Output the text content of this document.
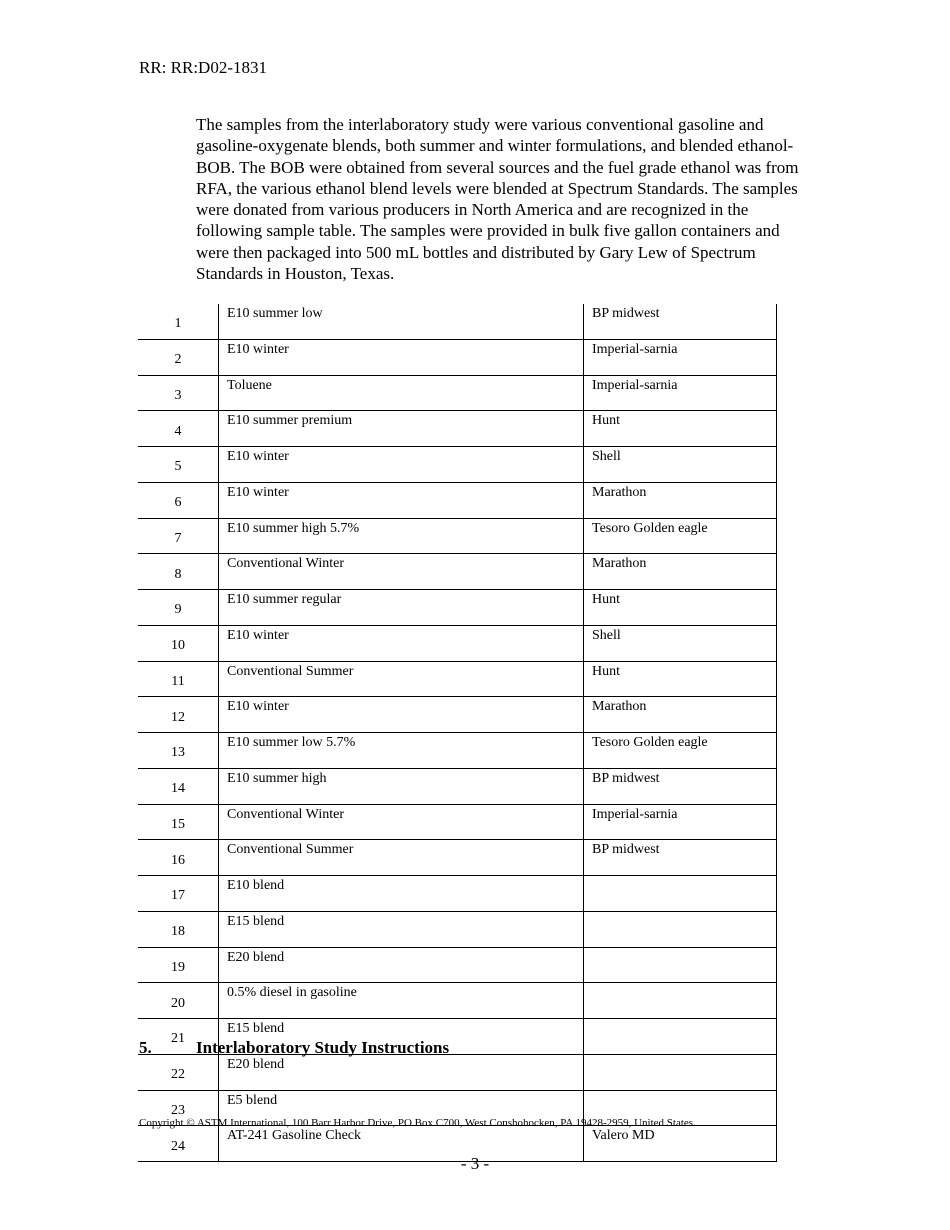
RR: RR:D02-1831

The samples from the interlaboratory study were various conventional gasoline and gasoline-oxygenate blends, both summer and winter formulations, and blended ethanol-BOB. The BOB were obtained from several sources and the fuel grade ethanol was from RFA, the various ethanol blend levels were blended at Spectrum Standards. The samples were donated from various producers in North America and are recognized in the following sample table. The samples were provided in bulk five gallon containers and were then packaged into 500 mL bottles and distributed by Gary Lew of Spectrum Standards in Houston, Texas.

1	E10 summer low	BP midwest
2	E10 winter	Imperial-sarnia
3	Toluene	Imperial-sarnia
4	E10 summer premium	Hunt
5	E10 winter	Shell
6	E10 winter	Marathon
7	E10 summer high 5.7%	Tesoro Golden eagle
8	Conventional Winter	Marathon
9	E10 summer regular	Hunt
10	E10 winter	Shell
11	Conventional Summer	Hunt
12	E10 winter	Marathon
13	E10 summer low 5.7%	Tesoro Golden eagle
14	E10 summer high	BP midwest
15	Conventional Winter	Imperial-sarnia
16	Conventional Summer	BP midwest
17	E10 blend	
18	E15 blend	
19	E20 blend	
20	0.5% diesel in gasoline	
21	E15 blend	
22	E20 blend	
23	E5 blend	
24	AT-241 Gasoline Check	Valero MD
5.	Interlaboratory Study Instructions
Copyright © ASTM International, 100 Barr Harbor Drive, PO Box C700, West Conshohocken, PA 19428-2959, United States.
- 3 -
